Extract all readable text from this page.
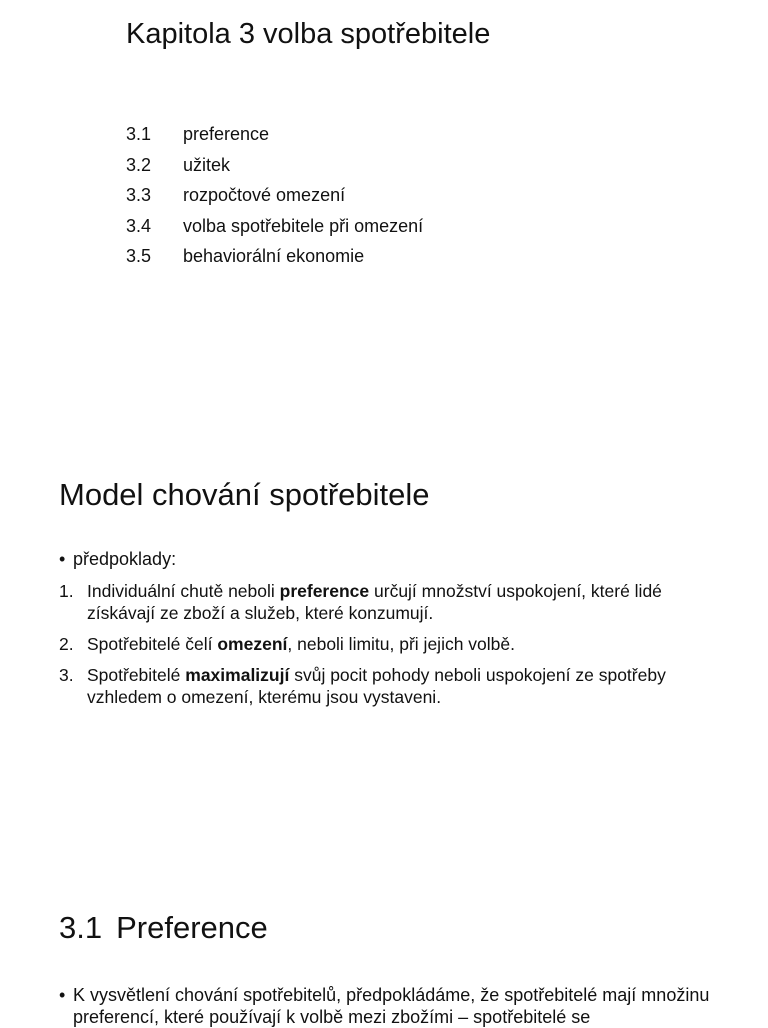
Kapitola 3 volba spotřebitele
3.1	preference
3.2	užitek
3.3	rozpočtové omezení
3.4	volba spotřebitele při omezení
3.5	behaviorální ekonomie
Model chování spotřebitele
• předpoklady:
1. Individuální chutě neboli preference určují množství uspokojení, které lidé získávají ze zboží a služeb, které konzumují.
2. Spotřebitelé čelí omezení, neboli limitu, při jejich volbě.
3. Spotřebitelé maximalizují svůj pocit pohody neboli uspokojení ze spotřeby vzhledem o omezení, kterému jsou vystaveni.
3.1 Preference
• K vysvětlení chování spotřebitelů, předpokládáme, že spotřebitelé mají množinu preferencí, které používají k volbě mezi zbožími – spotřebitelé se
